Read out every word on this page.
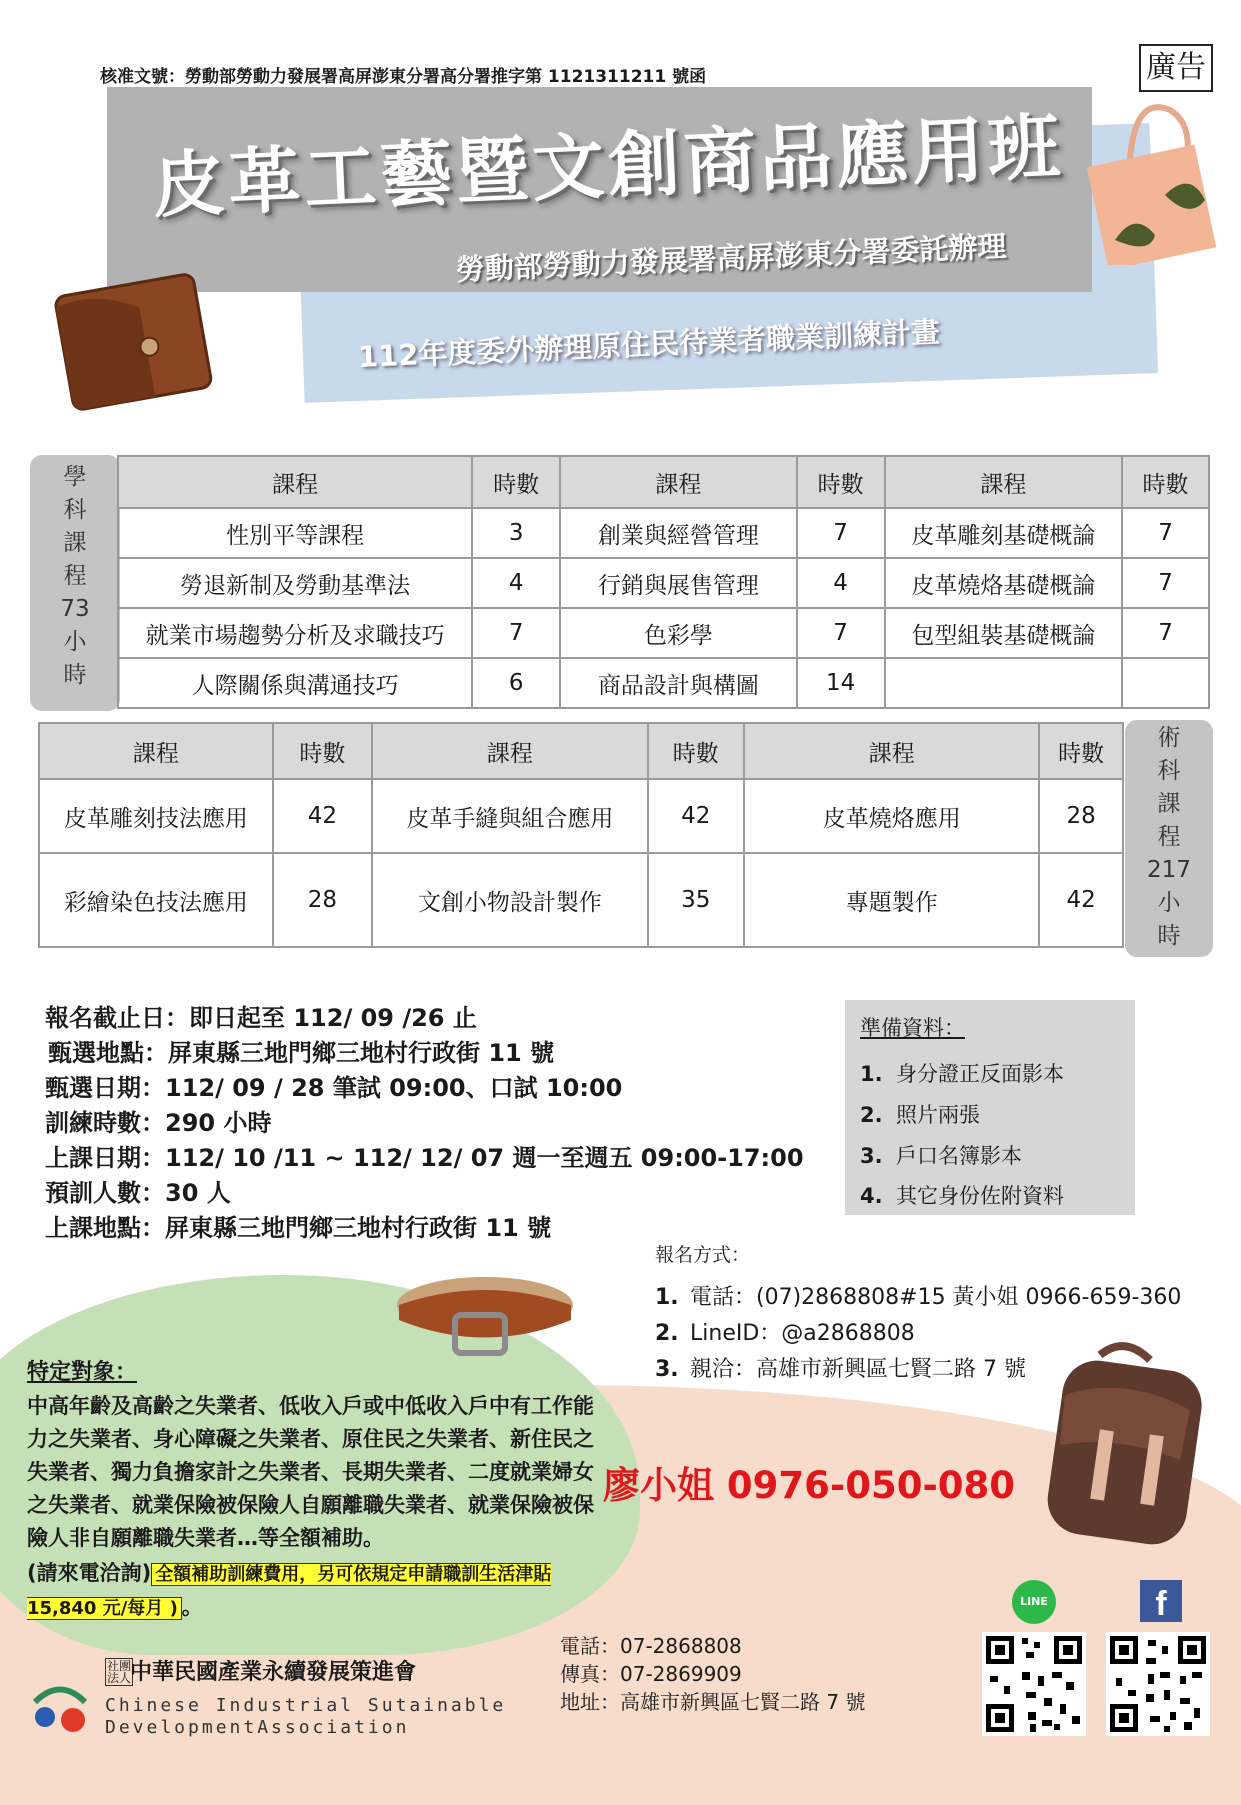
核准文號：勞動部勞動力發展署高屏澎東分署高分署推字第 1121311211 號函	廣告
皮革工藝暨文創商品應用班
勞動部勞動力發展署高屏澎東分署委託辦理
112年度委外辦理原住民待業者職業訓練計畫
學
科
課
程
73
小
時
課程	時數	課程	時數	課程	時數
性別平等課程	3	創業與經營管理	7	皮革雕刻基礎概論	7
勞退新制及勞動基準法	4	行銷與展售管理	4	皮革燒烙基礎概論	7
就業市場趨勢分析及求職技巧	7	色彩學	7	包型組裝基礎概論	7
人際關係與溝通技巧	6	商品設計與構圖	14		
術
科
課
程
217
小
時
課程	時數	課程	時數	課程	時數
皮革雕刻技法應用	42	皮革手縫與組合應用	42	皮革燒烙應用	28
彩繪染色技法應用	28	文創小物設計製作	35	專題製作	42
報名截止日：即日起至 112/ 09 /26 止
甄選地點：屏東縣三地門鄉三地村行政街 11 號
甄選日期：112/ 09 / 28 筆試 09:00、口試 10:00
訓練時數：290 小時
上課日期：112/ 10 /11 ~ 112/ 12/ 07 週一至週五 09:00-17:00
預訓人數：30 人
上課地點：屏東縣三地門鄉三地村行政街 11 號
準備資料：
1. 身分證正反面影本
2. 照片兩張
3. 戶口名簿影本
4. 其它身份佐附資料
報名方式：
1. 電話：(07)2868808#15 黃小姐 0966-659-360
2. LineID：@a2868808
3. 親洽：高雄市新興區七賢二路 7 號
特定對象：
中高年齡及高齡之失業者、低收入戶或中低收入戶中有工作能力之失業者、身心障礙之失業者、原住民之失業者、新住民之失業者、獨力負擔家計之失業者、長期失業者、二度就業婦女之失業者、就業保險被保險人自願離職失業者、就業保險被保險人非自願離職失業者…等全額補助。
(請來電洽詢) 全額補助訓練費用，另可依規定申請職訓生活津貼15,840 元/每月 ) 。
廖小姐 0976-050-080
電話：07-2868808
傳真：07-2869909
地址：高雄市新興區七賢二路 7 號
社團法人
中華民國產業永續發展策進會
Chinese Industrial Sutainable
DevelopmentAssociation
LINE	f
